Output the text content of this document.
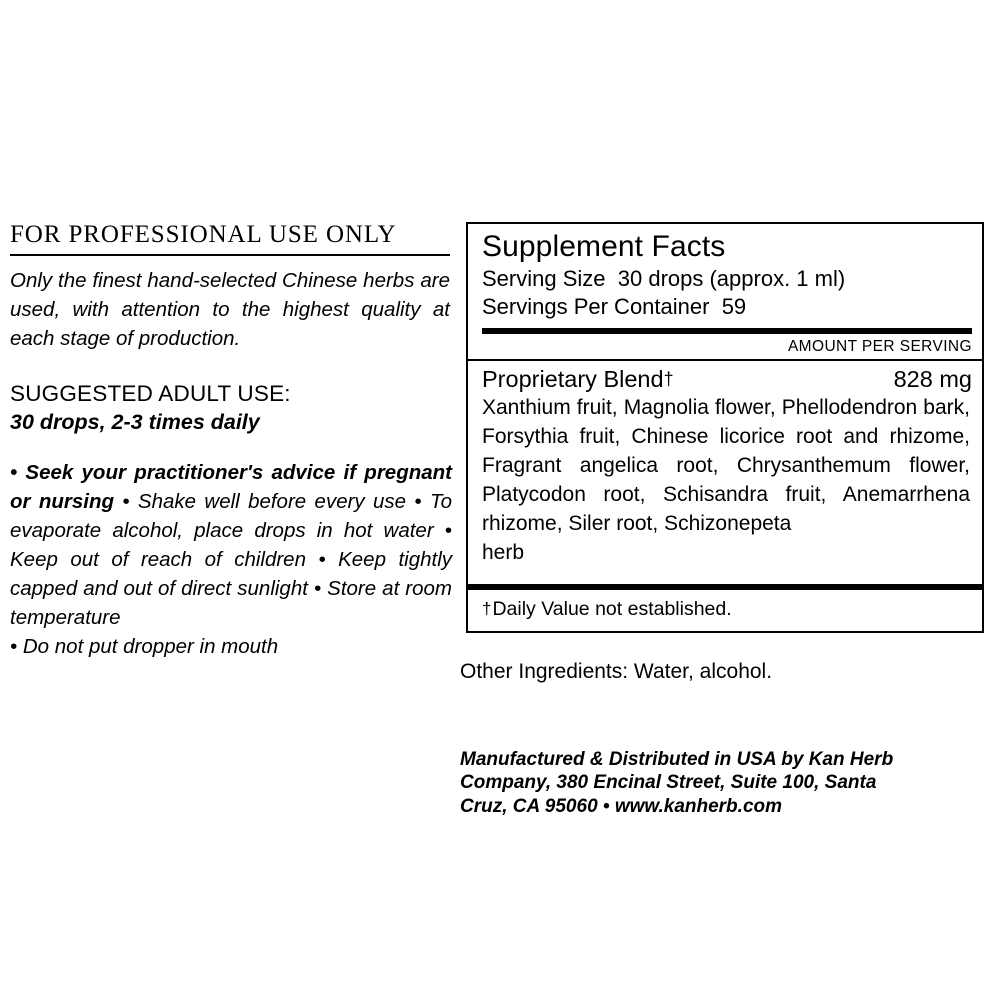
FOR PROFESSIONAL USE ONLY

Only the finest hand-selected Chinese herbs are used, with attention to the highest quality at each stage of production.

SUGGESTED ADULT USE:
30 drops, 2-3 times daily
• Seek your practitioner's advice if pregnant or nursing • Shake well before every use • To evaporate alcohol, place drops in hot water • Keep out of reach of children • Keep tightly capped and out of direct sunlight • Store at room temperature
• Do not put dropper in mouth
Supplement Facts
Serving Size 30 drops (approx. 1 ml)
Servings Per Container 59
AMOUNT PER SERVING
Proprietary Blend†	828 mg
Xanthium fruit, Magnolia flower, Phellodendron bark, Forsythia fruit, Chinese licorice root and rhizome, Fragrant angelica root, Chrysanthemum flower, Platycodon root, Schisandra fruit, Anemarrhena rhizome, Siler root, Schizonepeta
herb
†Daily Value not established.
Other Ingredients: Water, alcohol.
Manufactured & Distributed in USA by Kan Herb
Company, 380 Encinal Street, Suite 100, Santa
Cruz, CA 95060 • www.kanherb.com
